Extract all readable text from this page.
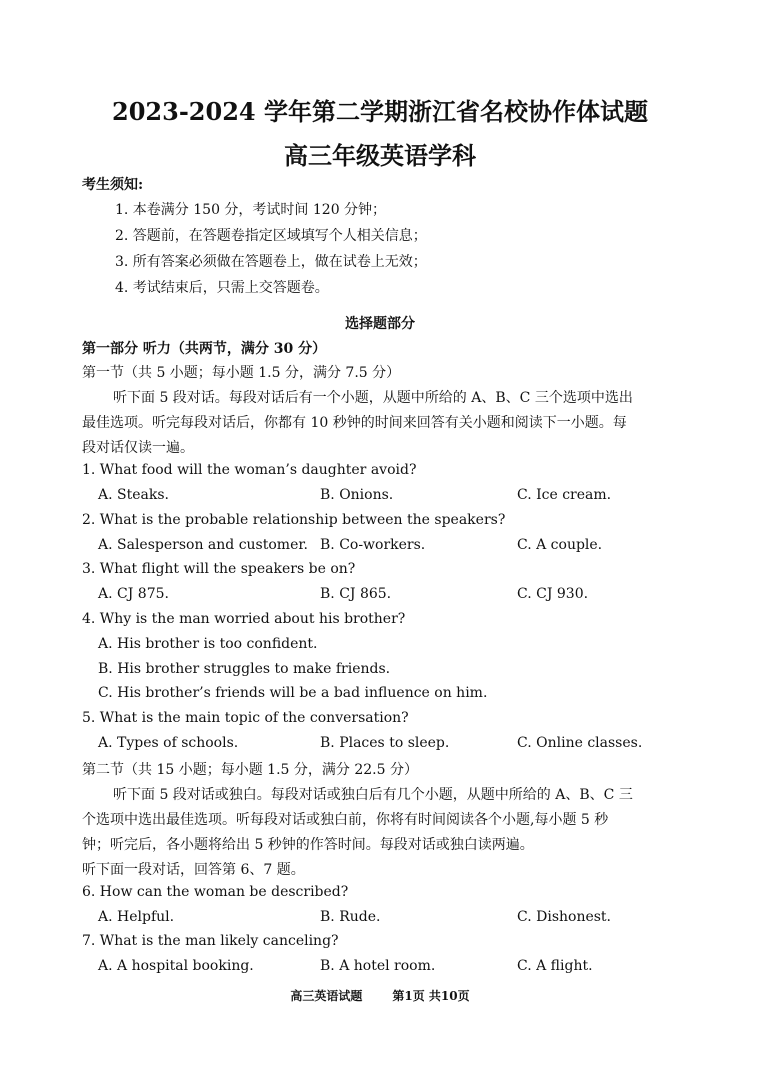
2023-2024 学年第二学期浙江省名校协作体试题
高三年级英语学科
考生须知:
1. 本卷满分 150 分，考试时间 120 分钟；
2. 答题前，在答题卷指定区域填写个人相关信息；
3. 所有答案必须做在答题卷上，做在试卷上无效；
4. 考试结束后，只需上交答题卷。
选择题部分
第一部分 听力（共两节，满分 30 分）
第一节（共 5 小题；每小题 1.5 分，满分 7.5 分）
听下面 5 段对话。每段对话后有一个小题，从题中所给的 A、B、C 三个选项中选出
最佳选项。听完每段对话后，你都有 10 秒钟的时间来回答有关小题和阅读下一小题。每
段对话仅读一遍。
1. What food will the woman’s daughter avoid?
A. Steaks.	B. Onions.	C. Ice cream.
2. What is the probable relationship between the speakers?
A. Salesperson and customer. B. Co-workers.	C. A couple.
3. What flight will the speakers be on?
A. CJ 875.	B. CJ 865.	C. CJ 930.
4. Why is the man worried about his brother?
A. His brother is too confident.
B. His brother struggles to make friends.
C. His brother’s friends will be a bad influence on him.
5. What is the main topic of the conversation?
A. Types of schools.	B. Places to sleep.	C. Online classes.
第二节（共 15 小题；每小题 1.5 分，满分 22.5 分）
听下面 5 段对话或独白。每段对话或独白后有几个小题，从题中所给的 A、B、C 三
个选项中选出最佳选项。听每段对话或独白前，你将有时间阅读各个小题,每小题 5 秒
钟；听完后，各小题将给出 5 秒钟的作答时间。每段对话或独白读两遍。
听下面一段对话，回答第 6、7 题。
6. How can the woman be described?
A. Helpful.	B. Rude.	C. Dishonest.
7. What is the man likely canceling?
A. A hospital booking.	B. A hotel room.	C. A flight.
高三英语试题	第1页 共10页
